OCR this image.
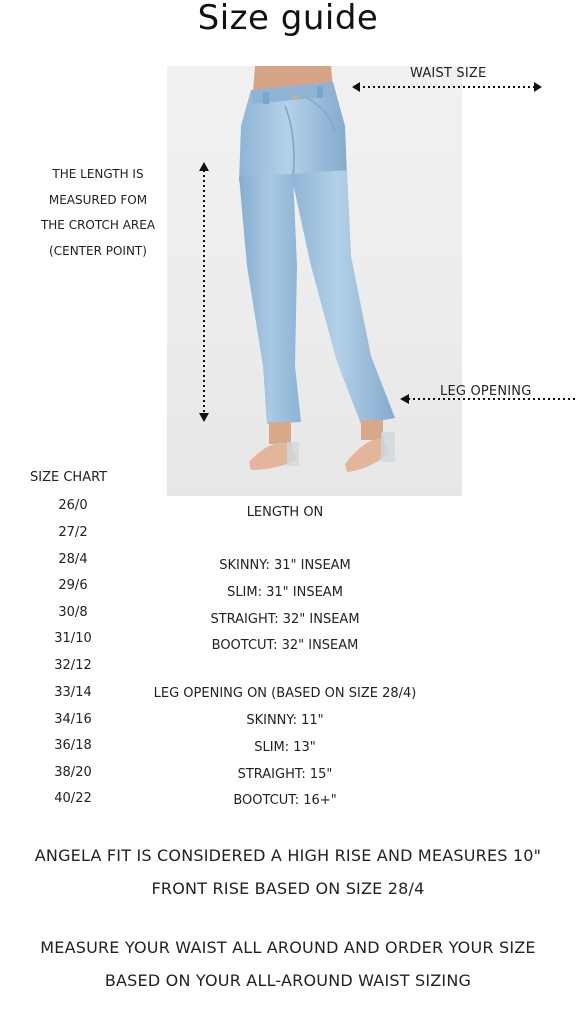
Size guide
WAIST SIZE
THE LENGTH IS MEASURED FOM THE CROTCH AREA (CENTER POINT)
LEG OPENING
SIZE CHART
26/0
27/2
28/4
29/6
30/8
31/10
32/12
33/14
34/16
36/18
38/20
40/22
LENGTH ON
SKINNY: 31" INSEAM
SLIM: 31" INSEAM
STRAIGHT: 32" INSEAM
BOOTCUT: 32" INSEAM
LEG OPENING ON (BASED ON SIZE 28/4)
SKINNY: 11"
SLIM: 13"
STRAIGHT: 15"
BOOTCUT: 16+"
ANGELA FIT IS CONSIDERED A HIGH RISE AND MEASURES 10"
FRONT RISE BASED ON SIZE 28/4
MEASURE YOUR WAIST ALL AROUND AND ORDER YOUR SIZE
BASED ON YOUR ALL-AROUND WAIST SIZING
